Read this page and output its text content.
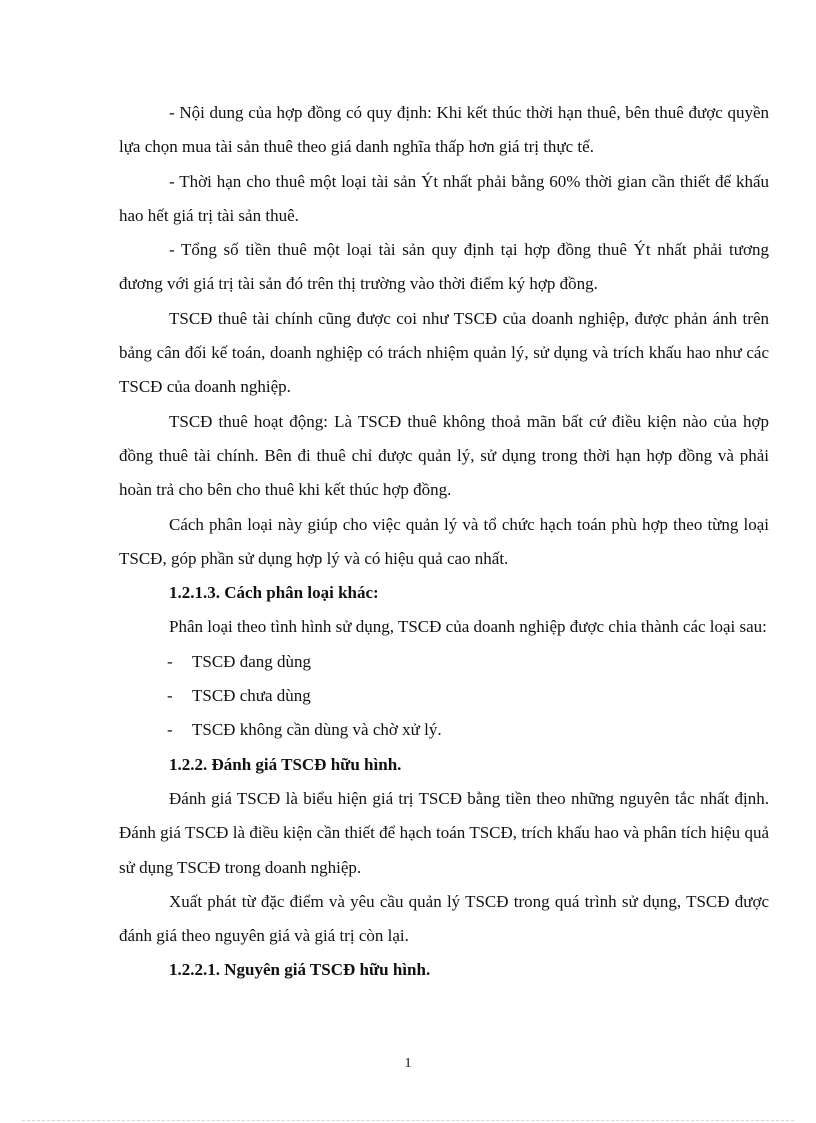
- Nội dung của hợp đồng có quy định: Khi kết thúc thời hạn thuê, bên thuê được quyền lựa chọn mua tài sản thuê theo giá danh nghĩa thấp hơn giá trị thực tế.

- Thời hạn cho thuê một loại tài sản Ýt nhất phải bằng 60% thời gian cần thiết để khấu hao hết giá trị tài sản thuê.

- Tổng số tiền thuê một loại tài sản quy định tại hợp đồng thuê Ýt nhất phải tương đương với giá trị tài sản đó trên thị trường vào thời điểm ký hợp đồng.

TSCĐ thuê tài chính cũng được coi như TSCĐ của doanh nghiệp, được phản ánh trên bảng cân đối kế toán, doanh nghiệp có trách nhiệm quản lý, sử dụng và trích khấu hao như các TSCĐ của doanh nghiệp.

TSCĐ thuê hoạt động: Là TSCĐ thuê không thoả mãn bất cứ điều kiện nào của hợp đồng thuê tài chính. Bên đi thuê chỉ được quản lý, sử dụng trong thời hạn hợp đồng và phải hoàn trả cho bên cho thuê khi kết thúc hợp đồng.

Cách phân loại này giúp cho việc quản lý và tổ chức hạch toán phù hợp theo từng loại TSCĐ, góp phần sử dụng hợp lý và có hiệu quả cao nhất.

1.2.1.3. Cách phân loại khác:

Phân loại theo tình hình sử dụng, TSCĐ của doanh nghiệp được chia thành các loại sau:

- TSCĐ đang dùng
- TSCĐ chưa dùng
- TSCĐ không cần dùng và chờ xử lý.

1.2.2. Đánh giá TSCĐ hữu hình.

Đánh giá TSCĐ là biểu hiện giá trị TSCĐ bằng tiền theo những nguyên tắc nhất định. Đánh giá TSCĐ là điều kiện cần thiết để hạch toán TSCĐ, trích khấu hao và phân tích hiệu quả sử dụng TSCĐ trong doanh nghiệp.

Xuất phát từ đặc điểm và yêu cầu quản lý TSCĐ trong quá trình sử dụng, TSCĐ được đánh giá theo nguyên giá và giá trị còn lại.

1.2.2.1. Nguyên giá TSCĐ hữu hình.

1
